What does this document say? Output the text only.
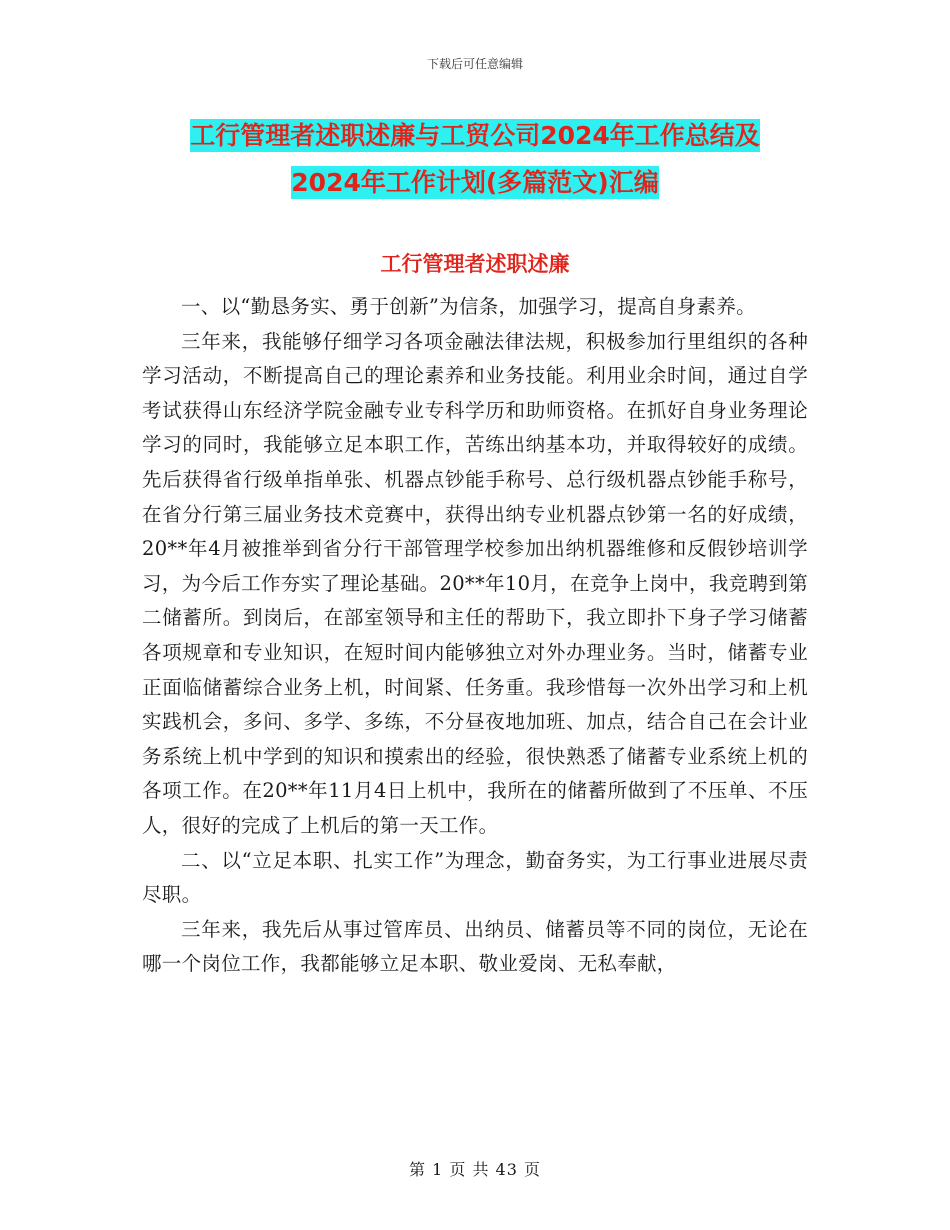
下载后可任意编辑
工行管理者述职述廉与工贸公司2024年工作总结及
2024年工作计划(多篇范文)汇编
工行管理者述职述廉

一、以“勤恳务实、勇于创新”为信条，加强学习，提高自身素养。

三年来，我能够仔细学习各项金融法律法规，积极参加行里组织的各种学习活动，不断提高自己的理论素养和业务技能。利用业余时间，通过自学考试获得山东经济学院金融专业专科学历和助师资格。在抓好自身业务理论学习的同时，我能够立足本职工作，苦练出纳基本功，并取得较好的成绩。先后获得省行级单指单张、机器点钞能手称号、总行级机器点钞能手称号，在省分行第三届业务技术竞赛中，获得出纳专业机器点钞第一名的好成绩，20**年4月被推举到省分行干部管理学校参加出纳机器维修和反假钞培训学习，为今后工作夯实了理论基础。20**年10月，在竞争上岗中，我竞聘到第二储蓄所。到岗后，在部室领导和主任的帮助下，我立即扑下身子学习储蓄各项规章和专业知识，在短时间内能够独立对外办理业务。当时，储蓄专业正面临储蓄综合业务上机，时间紧、任务重。我珍惜每一次外出学习和上机实践机会，多问、多学、多练，不分昼夜地加班、加点，结合自己在会计业务系统上机中学到的知识和摸索出的经验，很快熟悉了储蓄专业系统上机的各项工作。在20**年11月4日上机中，我所在的储蓄所做到了不压单、不压人，很好的完成了上机后的第一天工作。

二、以“立足本职、扎实工作”为理念，勤奋务实，为工行事业进展尽责尽职。

三年来，我先后从事过管库员、出纳员、储蓄员等不同的岗位，无论在哪一个岗位工作，我都能够立足本职、敬业爱岗、无私奉献，

第 1 页 共 43 页
